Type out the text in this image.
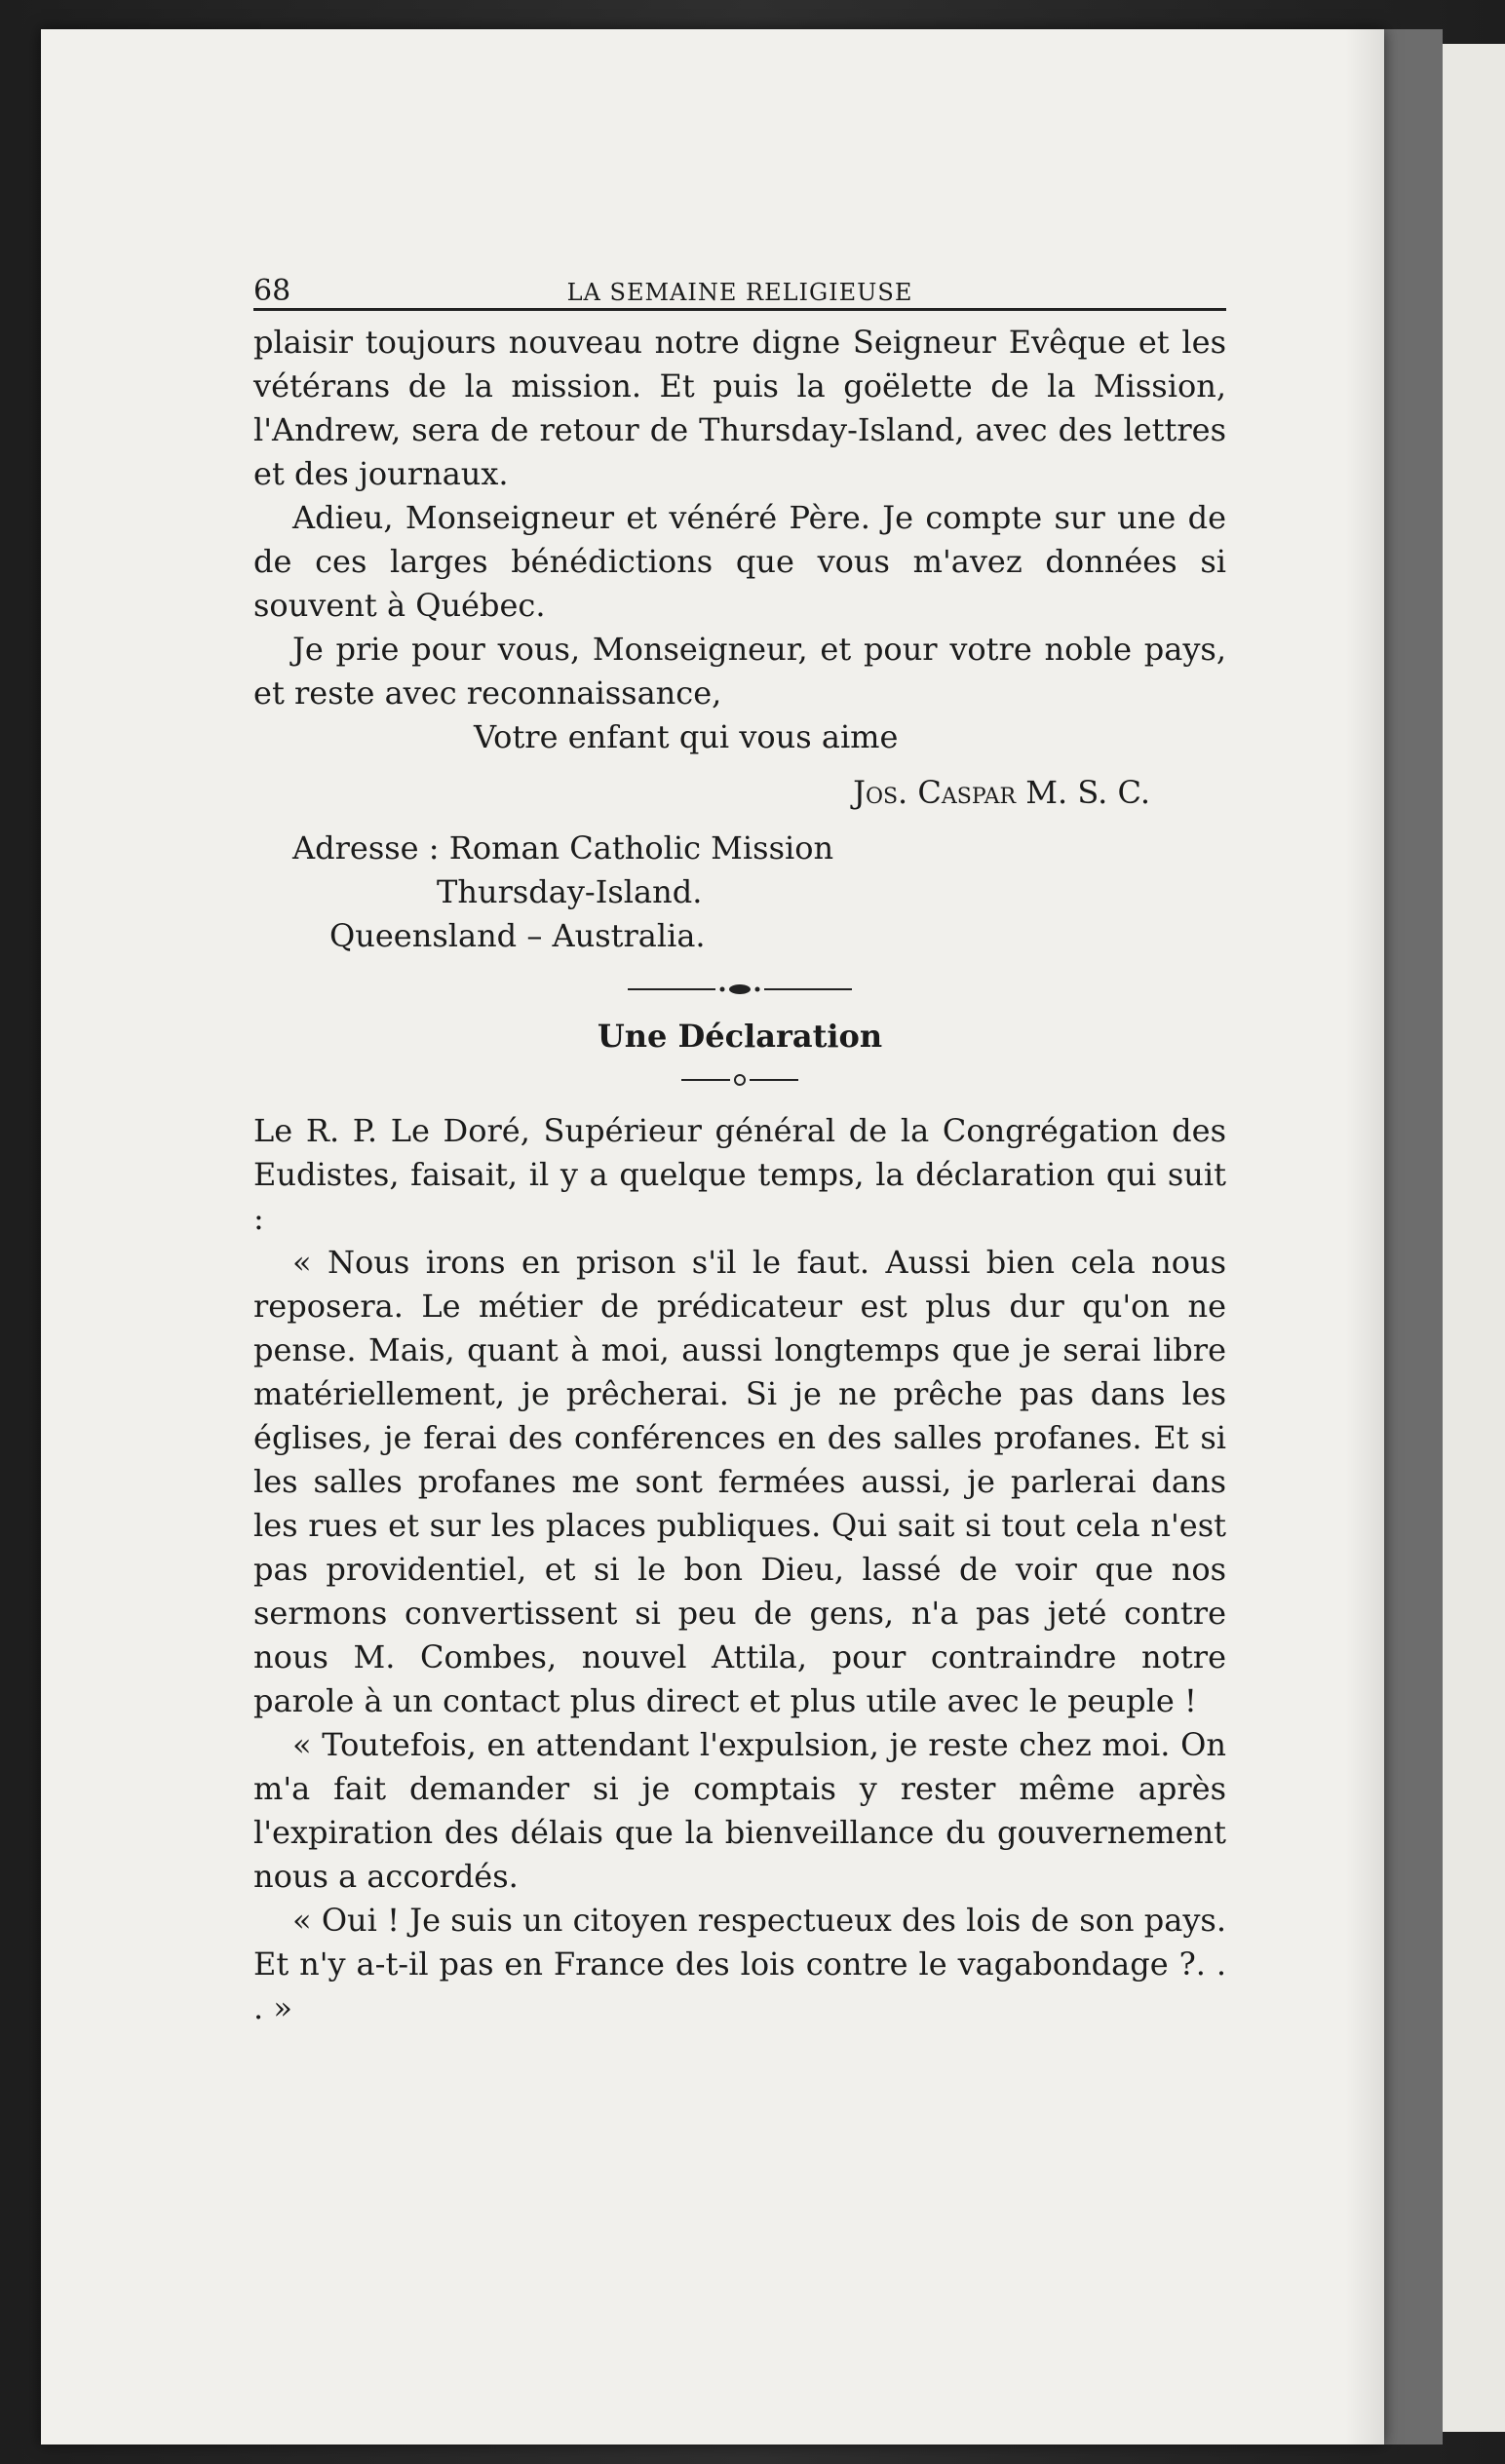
68	LA SEMAINE RELIGIEUSE

plaisir toujours nouveau notre digne Seigneur Evêque et les vétérans de la mission. Et puis la goëlette de la Mission, l'Andrew, sera de retour de Thursday-Island, avec des lettres et des journaux.

Adieu, Monseigneur et vénéré Père. Je compte sur une de de ces larges bénédictions que vous m'avez données si souvent à Québec.

Je prie pour vous, Monseigneur, et pour votre noble pays, et reste avec reconnaissance,

Votre enfant qui vous aime

Jos. Caspar M. S. C.

Adresse : Roman Catholic Mission

Thursday-Island.

Queensland – Australia.

Une Déclaration

Le R. P. Le Doré, Supérieur général de la Congrégation des Eudistes, faisait, il y a quelque temps, la déclaration qui suit :

« Nous irons en prison s'il le faut. Aussi bien cela nous reposera. Le métier de prédicateur est plus dur qu'on ne pense. Mais, quant à moi, aussi longtemps que je serai libre matériellement, je prêcherai. Si je ne prêche pas dans les églises, je ferai des conférences en des salles profanes. Et si les salles profanes me sont fermées aussi, je parlerai dans les rues et sur les places publiques. Qui sait si tout cela n'est pas providentiel, et si le bon Dieu, lassé de voir que nos sermons convertissent si peu de gens, n'a pas jeté contre nous M. Combes, nouvel Attila, pour contraindre notre parole à un contact plus direct et plus utile avec le peuple !

« Toutefois, en attendant l'expulsion, je reste chez moi. On m'a fait demander si je comptais y rester même après l'expiration des délais que la bienveillance du gouvernement nous a accordés.

« Oui ! Je suis un citoyen respectueux des lois de son pays. Et n'y a-t-il pas en France des lois contre le vagabondage ?. . . »
